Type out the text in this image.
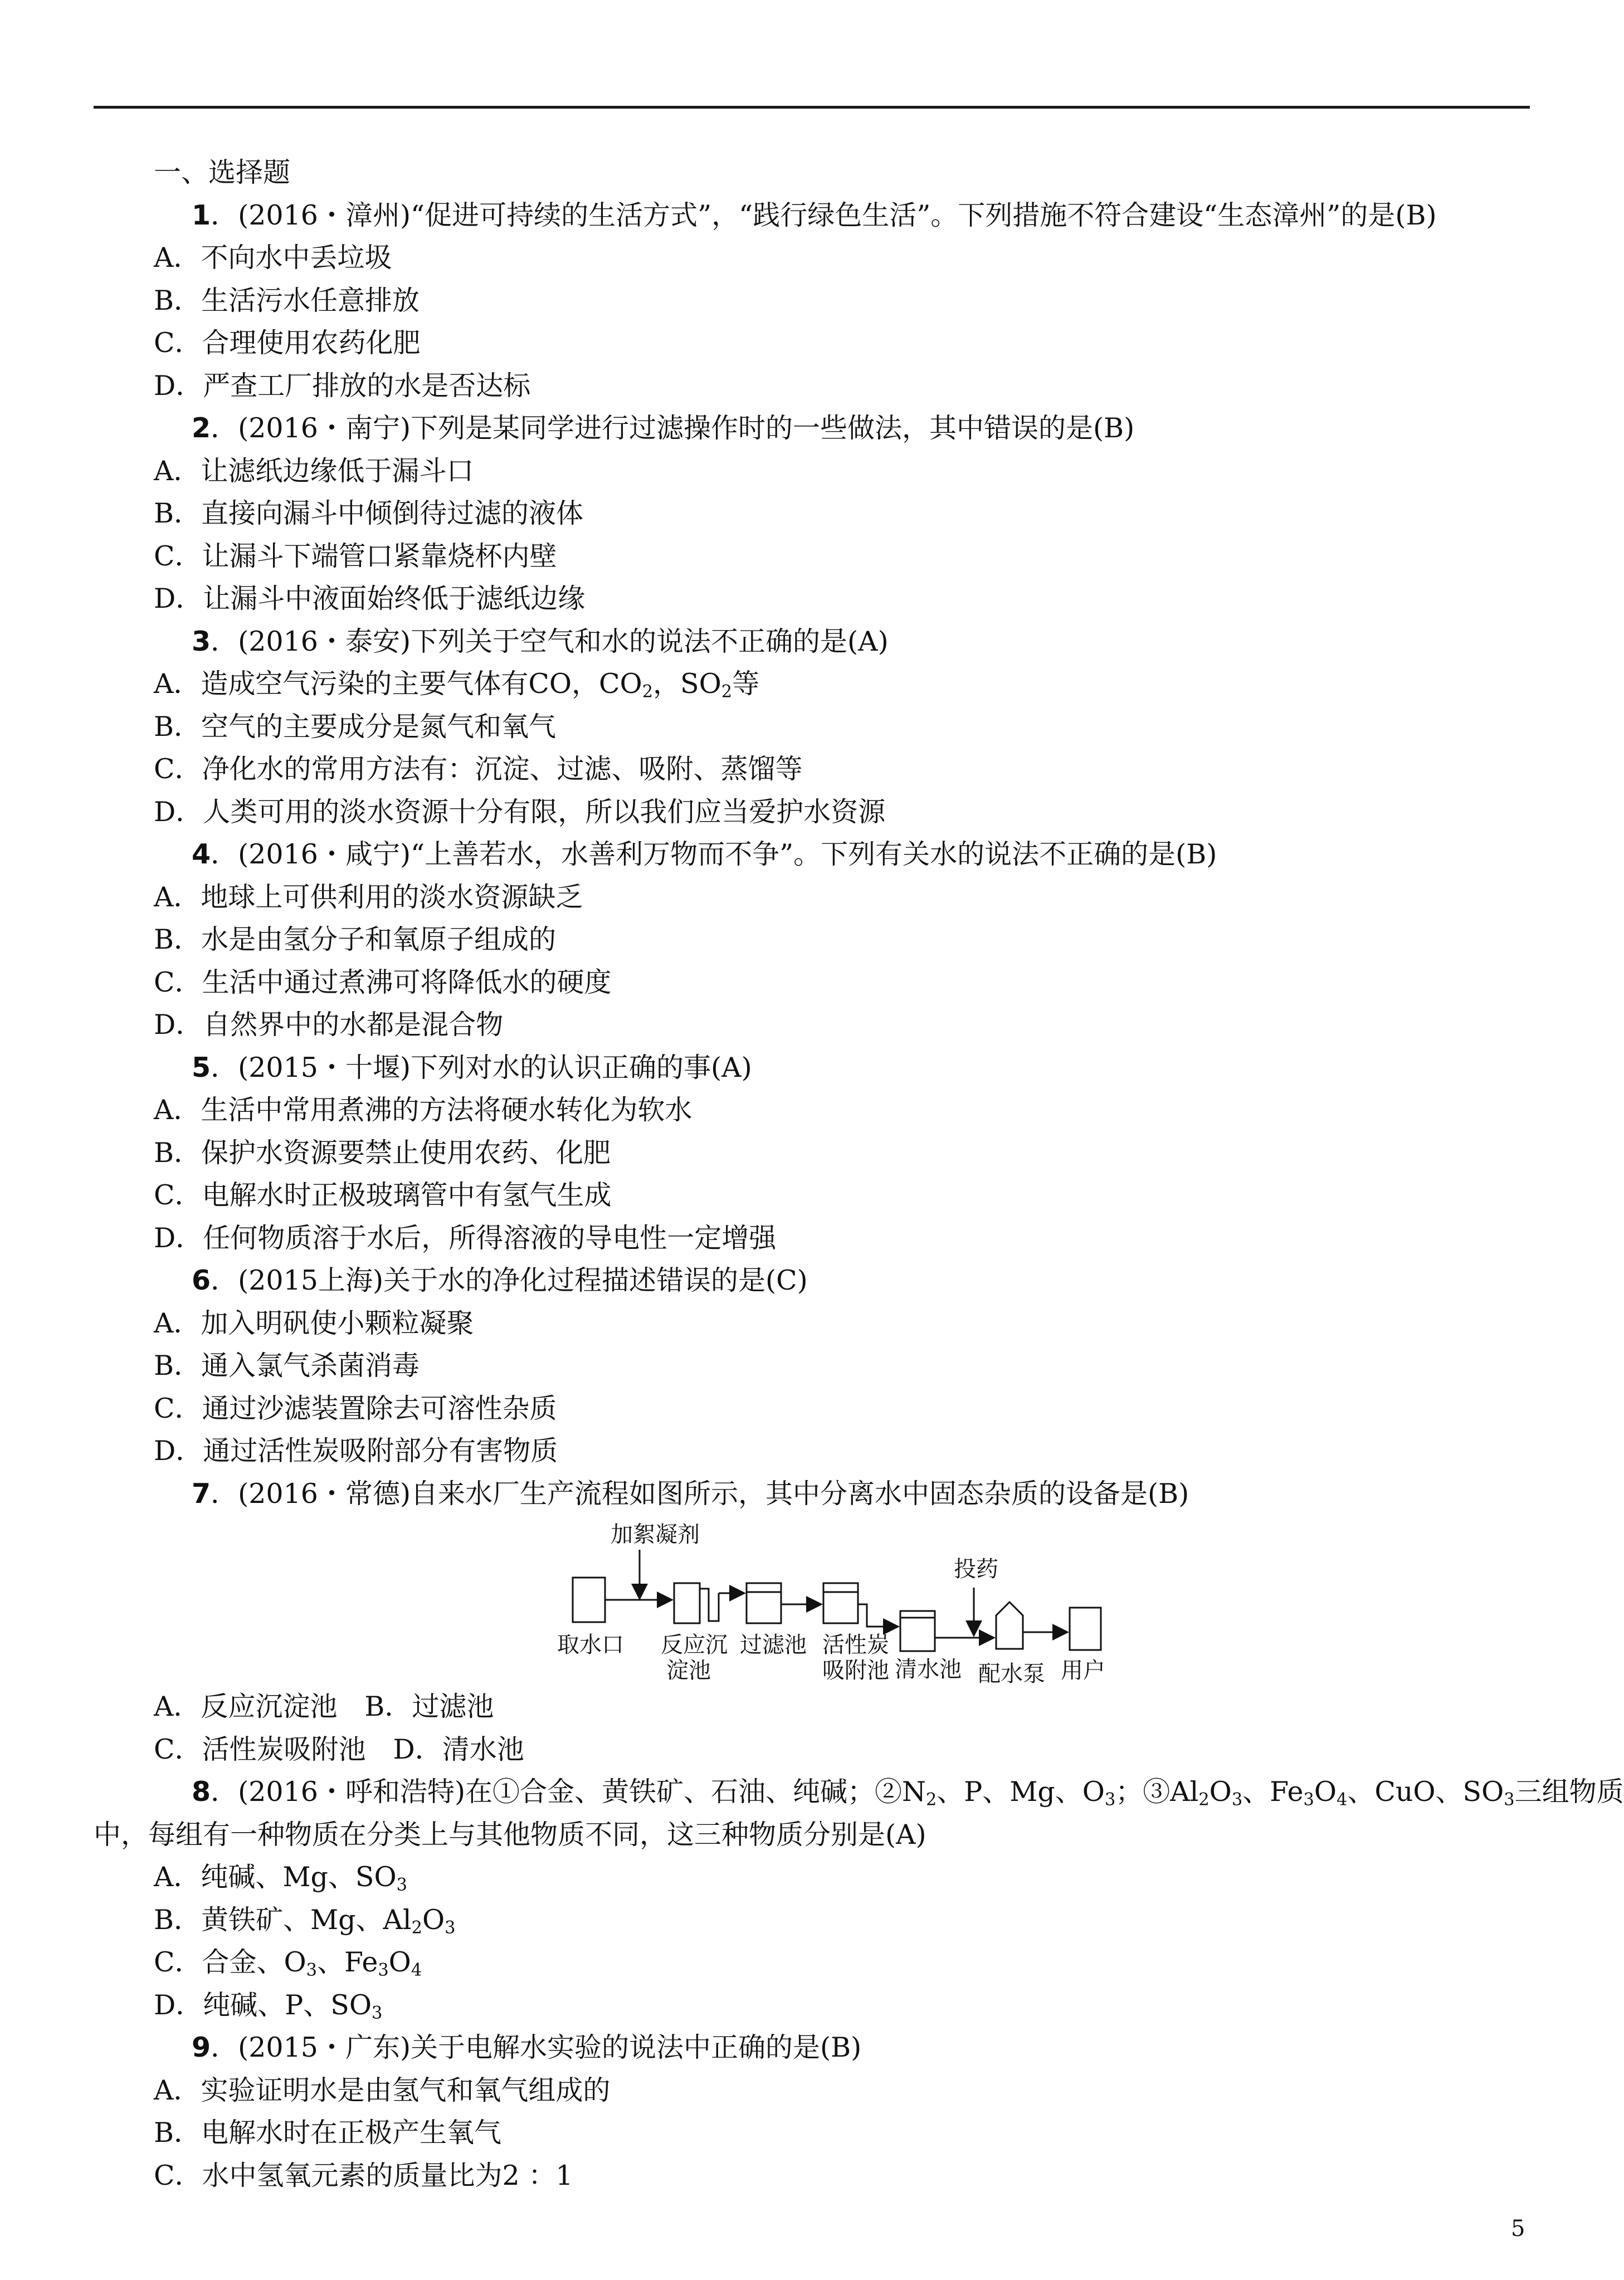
一、选择题
1．(2016・漳州)“促进可持续的生活方式”，“践行绿色生活”。下列措施不符合建设“生态漳州”的是(B)
A．不向水中丢垃圾
B．生活污水任意排放
C．合理使用农药化肥
D．严查工厂排放的水是否达标
2．(2016・南宁)下列是某同学进行过滤操作时的一些做法，其中错误的是(B)
A．让滤纸边缘低于漏斗口
B．直接向漏斗中倾倒待过滤的液体
C．让漏斗下端管口紧靠烧杯内壁
D．让漏斗中液面始终低于滤纸边缘
3．(2016・泰安)下列关于空气和水的说法不正确的是(A)
A．造成空气污染的主要气体有CO，$CO_2$，$SO_2$等
B．空气的主要成分是氮气和氧气
C．净化水的常用方法有：沉淀、过滤、吸附、蒸馏等
D．人类可用的淡水资源十分有限，所以我们应当爱护水资源
4．(2016・咸宁)“上善若水，水善利万物而不争”。下列有关水的说法不正确的是(B)
A．地球上可供利用的淡水资源缺乏
B．水是由氢分子和氧原子组成的
C．生活中通过煮沸可将降低水的硬度
D．自然界中的水都是混合物
5．(2015・十堰)下列对水的认识正确的事(A)
A．生活中常用煮沸的方法将硬水转化为软水
B．保护水资源要禁止使用农药、化肥
C．电解水时正极玻璃管中有氢气生成
D．任何物质溶于水后，所得溶液的导电性一定增强
6．(2015上海)关于水的净化过程描述错误的是(C)
A．加入明矾使小颗粒凝聚
B．通入氯气杀菌消毒
C．通过沙滤装置除去可溶性杂质
D．通过活性炭吸附部分有害物质
7．(2016・常德)自来水厂生产流程如图所示，其中分离水中固态杂质的设备是(B)
加絮凝剂
投药
取水口 反应沉
淀池
过滤池 活性炭
吸附池 清水池 配水泵 用户
A．反应沉淀池　B．过滤池
C．活性炭吸附池　D．清水池
8．(2016・呼和浩特)在①合金、黄铁矿、石油、纯碱；$②N_2$、P、Mg、$O_3$；$③Al_2O_3$、$Fe_3O_4$、CuO、$SO_3$三组物质
中，每组有一种物质在分类上与其他物质不同，这三种物质分别是(A)
A．纯碱、Mg、$SO_3$
B．黄铁矿、Mg、$Al_2O_3$
C．合金、$O_3$、$Fe_3O_4$
D．纯碱、P、$SO_3$
9．(2015・广东)关于电解水实验的说法中正确的是(B)
A．实验证明水是由氢气和氧气组成的
B．电解水时在正极产生氧气
C．水中氢氧元素的质量比为2 ：1
5
